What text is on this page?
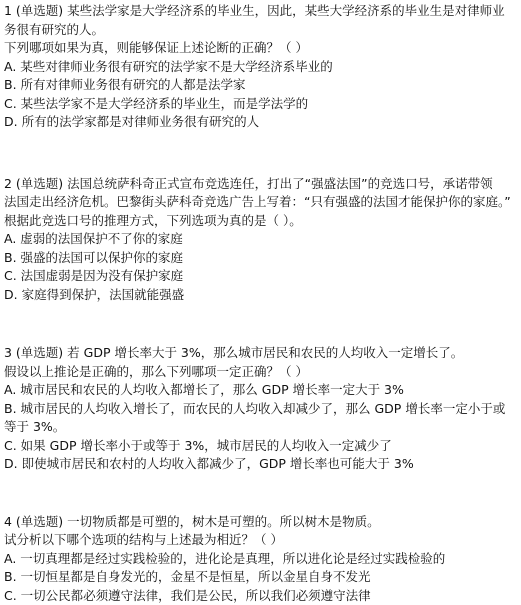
1 (单选题) 某些法学家是大学经济系的毕业生，因此，某些大学经济系的毕业生是对律师业
务很有研究的人。
下列哪项如果为真，则能够保证上述论断的正确？（ ）
A. 某些对律师业务很有研究的法学家不是大学经济系毕业的
B. 所有对律师业务很有研究的人都是法学家
C. 某些法学家不是大学经济系的毕业生，而是学法学的
D. 所有的法学家都是对律师业务很有研究的人
2 (单选题) 法国总统萨科奇正式宣布竞选连任，打出了“强盛法国”的竞选口号，承诺带领
法国走出经济危机。巴黎街头萨科奇竞选广告上写着：“只有强盛的法国才能保护你的家庭。”
根据此竞选口号的推理方式，下列选项为真的是（ ）。
A. 虚弱的法国保护不了你的家庭
B. 强盛的法国可以保护你的家庭
C. 法国虚弱是因为没有保护家庭
D. 家庭得到保护，法国就能强盛
3 (单选题) 若 GDP 增长率大于 3%，那么城市居民和农民的人均收入一定增长了。
假设以上推论是正确的，那么下列哪项一定正确？（ ）
A. 城市居民和农民的人均收入都增长了，那么 GDP 增长率一定大于 3%
B. 城市居民的人均收入增长了，而农民的人均收入却减少了，那么 GDP 增长率一定小于或
等于 3%。
C. 如果 GDP 增长率小于或等于 3%，城市居民的人均收入一定减少了
D. 即使城市居民和农村的人均收入都减少了，GDP 增长率也可能大于 3%
4 (单选题) 一切物质都是可塑的，树木是可塑的。所以树木是物质。
试分析以下哪个选项的结构与上述最为相近？（ ）
A. 一切真理都是经过实践检验的，进化论是真理，所以进化论是经过实践检验的
B. 一切恒星都是自身发光的，金星不是恒星，所以金星自身不发光
C. 一切公民都必须遵守法律，我们是公民，所以我们必须遵守法律
